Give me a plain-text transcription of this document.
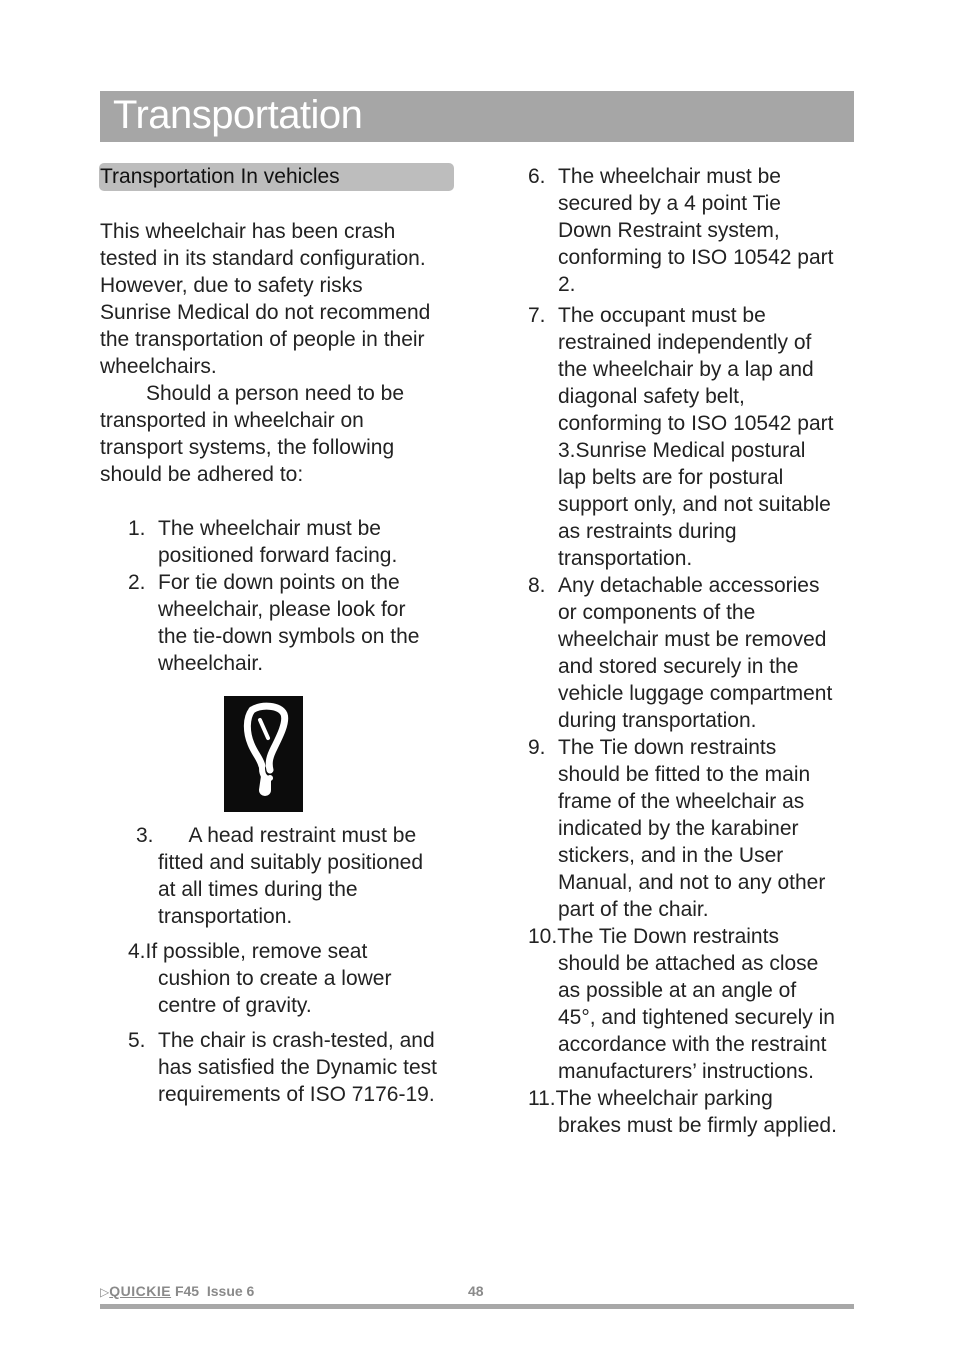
Transportation
Transportation In vehicles

This wheelchair has been crash
tested in its standard configuration.
However, due to safety risks
Sunrise Medical do not recommend
the transportation of people in their
wheelchairs.

Should a person need to be
transported in wheelchair on
transport systems, the following
should be adhered to:

1. The wheelchair must be
positioned forward facing.
2. For tie down points on the
wheelchair, please look for
the tie-down symbols on the
wheelchair.
3. A head restraint must be
fitted and suitably positioned
at all times during the
transportation.
4.If possible, remove seat
cushion to create a lower
centre of gravity.
5. The chair is crash-tested, and
has satisfied the Dynamic test
requirements of ISO 7176-19.
6. The wheelchair must be
secured by a 4 point Tie
Down Restraint system,
conforming to ISO 10542 part
2.
7. The occupant must be
restrained independently of
the wheelchair by a lap and
diagonal safety belt,
conforming to ISO 10542 part
3.Sunrise Medical postural
lap belts are for postural
support only, and not suitable
as restraints during
transportation.
8. Any detachable accessories
or components of the
wheelchair must be removed
and stored securely in the
vehicle luggage compartment
during transportation.
9. The Tie down restraints
should be fitted to the main
frame of the wheelchair as
indicated by the karabiner
stickers, and in the User
Manual, and not to any other
part of the chair.
10.The Tie Down restraints
should be attached as close
as possible at an angle of
45°, and tightened securely in
accordance with the restraint
manufacturers’ instructions.
11.The wheelchair parking
brakes must be firmly applied.
▷QUICKIE F45  Issue 6	48
